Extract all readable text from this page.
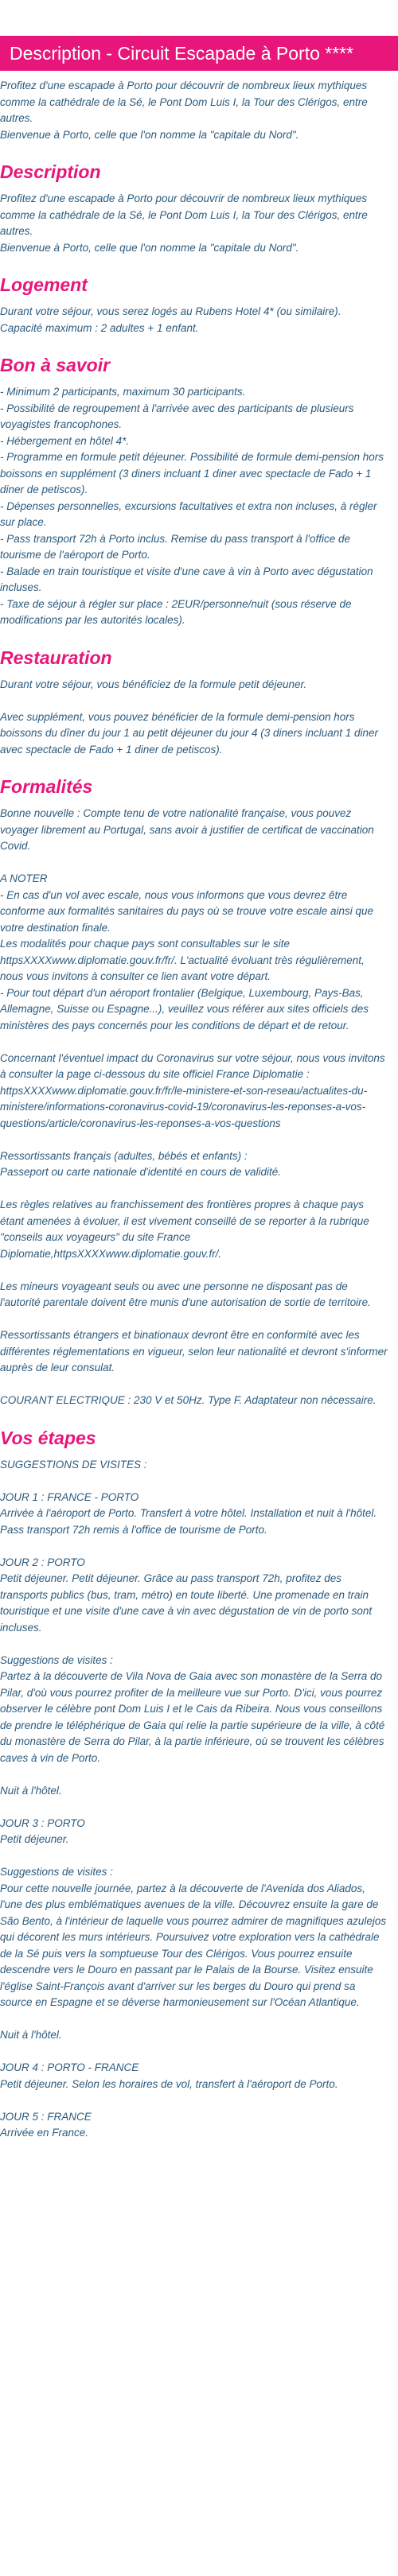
Description - Circuit Escapade à Porto ****

Profitez d'une escapade à Porto pour découvrir de nombreux lieux mythiques comme la cathédrale de la Sé, le Pont Dom Luis I, la Tour des Clérigos, entre autres.
Bienvenue à Porto, celle que l'on nomme la "capitale du Nord".

Description

Profitez d'une escapade à Porto pour découvrir de nombreux lieux mythiques comme la cathédrale de la Sé, le Pont Dom Luis I, la Tour des Clérigos, entre autres.
Bienvenue à Porto, celle que l'on nomme la "capitale du Nord".

Logement

Durant votre séjour, vous serez logés au Rubens Hotel 4* (ou similaire).
Capacité maximum : 2 adultes + 1 enfant.

Bon à savoir

- Minimum 2 participants, maximum 30 participants.
- Possibilité de regroupement à l'arrivée avec des participants de plusieurs voyagistes francophones.
- Hébergement en hôtel 4*.
- Programme en formule petit déjeuner. Possibilité de formule demi-pension hors boissons en supplément (3 diners incluant 1 diner avec spectacle de Fado + 1 diner de petiscos).
- Dépenses personnelles, excursions facultatives et extra non incluses, à régler sur place.
- Pass transport 72h à Porto inclus. Remise du pass transport à l'office de tourisme de l'aéroport de Porto.
- Balade en train touristique et visite d'une cave à vin à Porto avec dégustation incluses.
- Taxe de séjour à régler sur place : 2EUR/personne/nuit (sous réserve de modifications par les autorités locales).

Restauration

Durant votre séjour, vous bénéficiez de la formule petit déjeuner.

Avec supplément, vous pouvez bénéficier de la formule demi-pension hors boissons du dîner du jour 1 au petit déjeuner du jour 4 (3 diners incluant 1 diner avec spectacle de Fado + 1 diner de petiscos).

Formalités

Bonne nouvelle : Compte tenu de votre nationalité française, vous pouvez voyager librement au Portugal, sans avoir à justifier de certificat de vaccination Covid.

A NOTER
- En cas d'un vol avec escale, nous vous informons que vous devrez être conforme aux formalités sanitaires du pays où se trouve votre escale ainsi que votre destination finale.
Les modalités pour chaque pays sont consultables sur le site httpsXXXXwww.diplomatie.gouv.fr/fr/. L'actualité évoluant très régulièrement, nous vous invitons à consulter ce lien avant votre départ.
- Pour tout départ d'un aéroport frontalier (Belgique, Luxembourg, Pays-Bas, Allemagne, Suisse ou Espagne...), veuillez vous référer aux sites officiels des ministères des pays concernés pour les conditions de départ et de retour.

Concernant l'éventuel impact du Coronavirus sur votre séjour, nous vous invitons à consulter la page ci-dessous du site officiel France Diplomatie : httpsXXXXwww.diplomatie.gouv.fr/fr/le-ministere-et-son-reseau/actualites-du-ministere/informations-coronavirus-covid-19/coronavirus-les-reponses-a-vos-questions/article/coronavirus-les-reponses-a-vos-questions

Ressortissants français (adultes, bébés et enfants) :
Passeport ou carte nationale d'identité en cours de validité.

Les règles relatives au franchissement des frontières propres à chaque pays étant amenées à évoluer, il est vivement conseillé de se reporter à la rubrique "conseils aux voyageurs" du site France Diplomatie,httpsXXXXwww.diplomatie.gouv.fr/.

Les mineurs voyageant seuls ou avec une personne ne disposant pas de l'autorité parentale doivent être munis d'une autorisation de sortie de territoire.

Ressortissants étrangers et binationaux devront être en conformité avec les différentes réglementations en vigueur, selon leur nationalité et devront s'informer auprès de leur consulat.

COURANT ELECTRIQUE : 230 V et 50Hz. Type F. Adaptateur non nécessaire.

Vos étapes

SUGGESTIONS DE VISITES :

JOUR 1 : FRANCE - PORTO
Arrivée à l'aéroport de Porto. Transfert à votre hôtel. Installation et nuit à l'hôtel.
Pass transport 72h remis à l'office de tourisme de Porto.

JOUR 2 : PORTO
Petit déjeuner. Petit déjeuner. Grâce au pass transport 72h, profitez des transports publics (bus, tram, métro) en toute liberté. Une promenade en train touristique et une visite d'une cave à vin avec dégustation de vin de porto sont incluses.

Suggestions de visites :
Partez à la découverte de Vila Nova de Gaia avec son monastère de la Serra do Pilar, d'où vous pourrez profiter de la meilleure vue sur Porto. D'ici, vous pourrez observer le célèbre pont Dom Luis I et le Cais da Ribeira. Nous vous conseillons de prendre le téléphérique de Gaia qui relie la partie supérieure de la ville, à côté du monastère de Serra do Pilar, à la partie inférieure, où se trouvent les célèbres caves à vin de Porto.

Nuit à l'hôtel.

JOUR 3 : PORTO
Petit déjeuner.

Suggestions de visites :
Pour cette nouvelle journée, partez à la découverte de l'Avenida dos Aliados, l'une des plus emblématiques avenues de la ville. Découvrez ensuite la gare de São Bento, à l'intérieur de laquelle vous pourrez admirer de magnifiques azulejos qui décorent les murs intérieurs. Poursuivez votre exploration vers la cathédrale de la Sé puis vers la somptueuse Tour des Clérigos. Vous pourrez ensuite descendre vers le Douro en passant par le Palais de la Bourse. Visitez ensuite l'église Saint-François avant d'arriver sur les berges du Douro qui prend sa source en Espagne et se déverse harmonieusement sur l'Océan Atlantique.

Nuit à l'hôtel.

JOUR 4 : PORTO - FRANCE
Petit déjeuner. Selon les horaires de vol, transfert à l'aéroport de Porto.

JOUR 5 : FRANCE
Arrivée en France.
